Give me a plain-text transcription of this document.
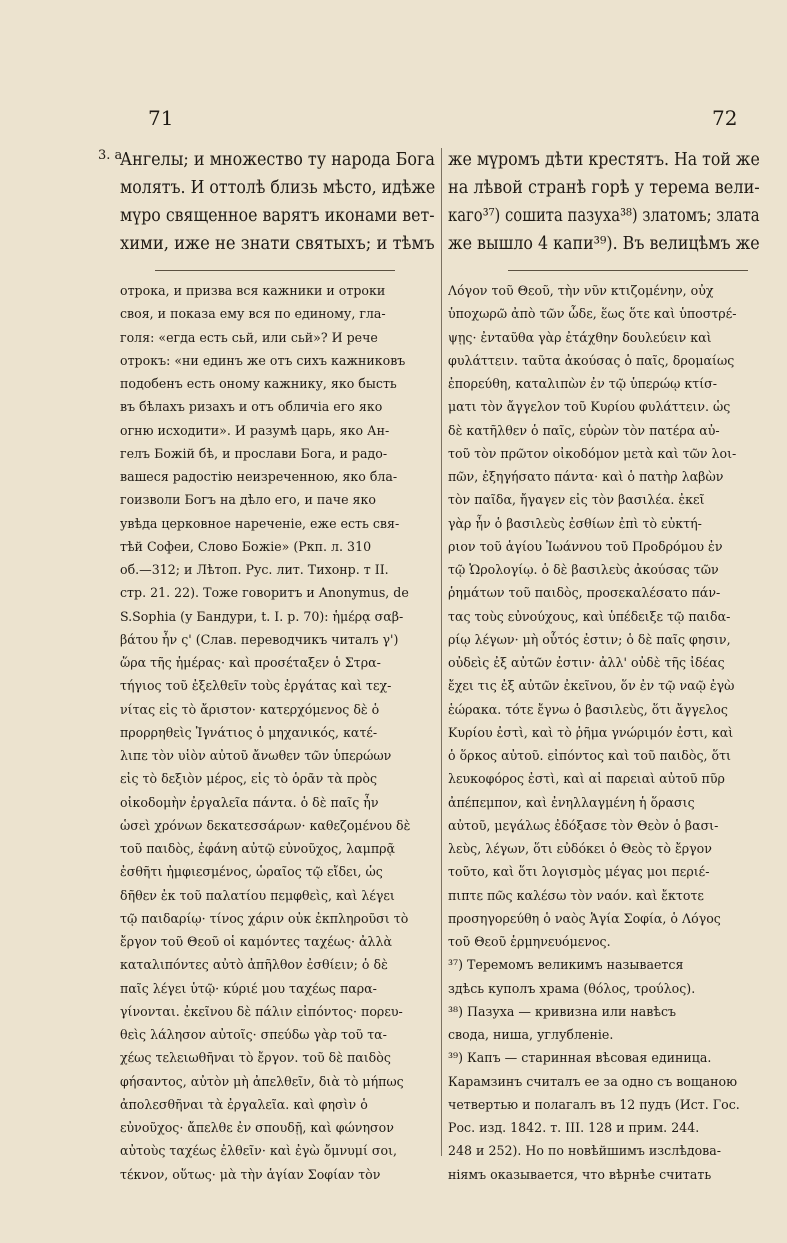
71	72
3. а
Ангелы; и множество ту народа Бога
молятъ. И оттолѣ близь мѣсто, идѣже
мүро священное варятъ иконами вет-
хими, иже не знати святыхъ; и тѣмъ
отрока, и призва вся кажники и отроки
своя, и показа ему вся по единому, гла-
голя: «егда есть сьй, или сьй»? И рече
отрокъ: «ни единъ же отъ сихъ кажниковъ
подобенъ есть оному кажнику, яко бысть
въ бѣлахъ ризахъ и отъ обличiа его яко
огню исходити». И разумѣ царь, яко Ан-
гелъ Божiй бѣ, и прослави Бога, и радо-
вашеся радостiю неизреченною, яко бла-
гоизволи Богъ на дѣло его, и паче яко
увѣда церковное нареченiе, еже есть свя-
тѣй Софеи, Слово Божiе» (Ркп. л. 310
об.—312; и Лѣтоп. Рус. лит. Тихонр. т II.
стр. 21. 22). Тоже говоритъ и Anonymus, de
S.Sophia (у Бандури, t. I. p. 70): ἡμέρᾳ σαβ-
βάτου ἦν ς' (Слав. переводчикъ читалъ γ')
ὥρα τῆς ἡμέρας· καὶ προσέταξεν ὁ Στρα-
τήγιος τοῦ ἐξελθεῖν τοὺς ἐργάτας καὶ τεχ-
νίτας εἰς τὸ ἄριστον· κατερχόμενος δὲ ὁ
προρρηθεὶς Ἰγνάτιος ὁ μηχανικός, κατέ-
λιπε τὸν υἱὸν αὐτοῦ ἄνωθεν τῶν ὑπερώων
εἰς τὸ δεξιὸν μέρος, εἰς τὸ ὁρᾶν τὰ πρὸς
οἰκοδομὴν ἐργαλεῖα πάντα. ὁ δὲ παῖς ἦν
ὡσεὶ χρόνων δεκατεσσάρων· καθεζομένου δὲ
τοῦ παιδὸς, ἐφάνη αὐτῷ εὐνοῦχος, λαμπρᾷ
ἐσθῆτι ἠμφιεσμένος, ὡραῖος τῷ εἴδει, ὡς
δῆθεν ἐκ τοῦ παλατίου πεμφθεὶς, καὶ λέγει
τῷ παιδαρίῳ· τίνος χάριν οὐκ ἐκπληροῦσι τὸ
ἔργον τοῦ Θεοῦ οἱ καμόντες ταχέως· ἀλλὰ
καταλιπόντες αὐτὸ ἀπῆλθον ἐσθίειν; ὁ δὲ
παῖς λέγει ὑτῷ· κύριέ μου ταχέως παρα-
γίνονται. ἐκεῖνου δὲ πάλιν εἰπόντος· πορευ-
θεὶς λάλησον αὐτοῖς· σπεύδω γὰρ τοῦ τα-
χέως τελειωθῆναι τὸ ἔργον. τοῦ δὲ παιδὸς
φήσαντος, αὐτὸν μὴ ἀπελθεῖν, διὰ τὸ μήπως
ἀπολεσθῆναι τὰ ἐργαλεῖα. καὶ φησὶν ὁ
εὐνοῦχος· ἄπελθε ἐν σπουδῇ, καὶ φώνησον
αὐτοὺς ταχέως ἐλθεῖν· καὶ ἐγὼ ὄμνυμί σοι,
τέκνον, οὕτως· μὰ τὴν ἁγίαν Σοφίαν τὸν
же мүромъ дѣти крестятъ. На той же
на лѣвой странѣ горѣ у терема вели-
каго³⁷) сошита пазуха³⁸) златомъ; злата
же вышло 4 капи³⁹). Въ велицѣмъ же
Λόγον τοῦ Θεοῦ, τὴν νῦν κτιζομένην, οὐχ
ὑποχωρῶ ἀπὸ τῶν ὧδε, ἕως ὅτε καὶ ὑποστρέ-
ψῃς· ἐνταῦθα γὰρ ἐτάχθην δουλεύειν καὶ
φυλάττειν. ταῦτα ἀκούσας ὁ παῖς, δρομαίως
ἐπορεύθη, καταλιπὼν ἐν τῷ ὑπερώῳ κτίσ-
ματι τὸν ἄγγελον τοῦ Κυρίου φυλάττειν. ὡς
δὲ κατῆλθεν ὁ παῖς, εὑρὼν τὸν πατέρα αὐ-
τοῦ τὸν πρῶτον οἰκοδόμον μετὰ καὶ τῶν λοι-
πῶν, ἐξηγήσατο πάντα· καὶ ὁ πατὴρ λαβὼν
τὸν παῖδα, ἤγαγεν εἰς τὸν βασιλέα. ἐκεῖ
γὰρ ἦν ὁ βασιλεὺς ἐσθίων ἐπὶ τὸ εὐκτή-
ριον τοῦ ἁγίου Ἰωάννου τοῦ Προδρόμου ἐν
τῷ Ὡρολογίῳ. ὁ δὲ βασιλεὺς ἀκούσας τῶν
ῥημάτων τοῦ παιδὸς, προσεκαλέσατο πάν-
τας τοὺς εὐνούχους, καὶ ὑπέδειξε τῷ παιδα-
ρίῳ λέγων· μὴ οὗτός ἐστιν; ὁ δὲ παῖς φησιν,
οὐδεὶς ἐξ αὐτῶν ἐστιν· ἀλλ' οὐδὲ τῆς ἰδέας
ἔχει τις ἐξ αὐτῶν ἐκεῖνου, ὅν ἐν τῷ ναῷ ἐγὼ
ἑώρακα. τότε ἔγνω ὁ βασιλεὺς, ὅτι ἄγγελος
Κυρίου ἐστὶ, καὶ τὸ ῥῆμα γνώριμόν ἐστι, καὶ
ὁ ὅρκος αὐτοῦ. εἰπόντος καὶ τοῦ παιδὸς, ὅτι
λευκοφόρος ἐστὶ, καὶ αἱ παρειαὶ αὐτοῦ πῦρ
ἀπέπεμπον, καὶ ἐνηλλαγμένη ἡ ὅρασις
αὐτοῦ, μεγάλως ἐδόξασε τὸν Θεὸν ὁ βασι-
λεὺς, λέγων, ὅτι εὐδόκει ὁ Θεὸς τὸ ἔργον
τοῦτο, καὶ ὅτι λογισμὸς μέγας μοι περιέ-
πιπτε πῶς καλέσω τὸν ναόν. καὶ ἔκτοτε
προσηγορεύθη ὁ ναὸς Ἁγία Σοφία, ὁ Λόγος
τοῦ Θεοῦ ἑρμηνευόμενος.
³⁷) Теремомъ великимъ называется
здѣсь куполъ храма (θόλος, τρούλος).
³⁸) Пазуха — кривизна или навѣсъ
свода, ниша, углубленiе.
³⁹) Капъ — старинная вѣсовая единица.
Карамзинъ считалъ ее за одно съ вощаною
четвертью и полагалъ въ 12 пудъ (Ист. Гос.
Рос. изд. 1842. т. III. 128 и прим. 244.
248 и 252). Но по новѣйшимъ изслѣдова-
нiямъ оказывается, что вѣрнѣе считать
